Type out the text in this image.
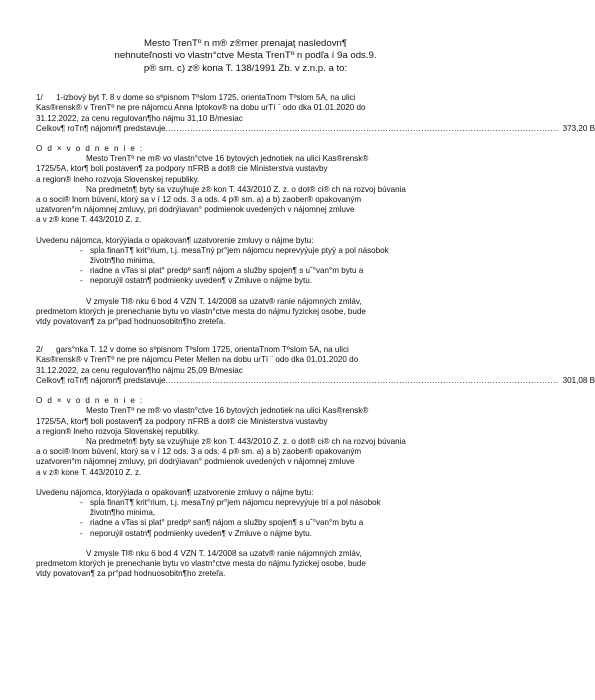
Mesto TrenTº n m® z®mer prenajaţ nasledovn¶

nehnuteľnosti vo vlastn°ctve Mesta TrenTº n podľa í 9a ods.9.

p® sm. c) z® kona T. 138/1991 Zb. v z.n.p. a to:

1/	1-izbový byt T. 8 v dome so sºpisnom Tºslom 1725, orientaTnom Tºslom 5A, na ulici

Kas®rensk® v TrenTº ne pre nájomcu Anna Iptokov® na dobu urTí ¨ odo dka 01.01.2020 do

31.12.2022, za cenu regulovan¶ho nájmu 31,10 B/mesiac

Celkov¶ roTn¶ nájomn¶ predstavuje ............................................................................................................................................... 373,20 B

O d × v o d n e n i e :

Mesto TrenTº ne m® vo vlastn°ctve 16 bytových jednotiek na ulici Kas®rensk®

1725/5A, ktor¶ boli postaven¶ za podpory πFRB a dot® cie Ministerstva vustavby

a region® lneho rozvoja Slovenskej republiky.

Na predmetn¶ byty sa vzuýhuje z® kon T. 443/2010 Z. z. o dot® ci® ch na rozvoj búvania

a o soci® lnom búvení, ktorý sa v í 12 ods. 3 a ods. 4 p® sm. a) a b) zaober® opakovaným

uzatvoren°m nájomnej zmluvy, pri dodrýiavan° podmienok uvedených v nájomnej zmluve

a v z® kone T. 443/2010 Z. z.

Uvedenu nájomca, ktorýýiada o opakovan¶ uzatvorenie zmluvy o nájme bytu:

- spĺa finanT¶ krit°rium, t.j. mesaTný pr°jem nájomcu neprevyýuje ptyý a pol násobok
životn¶ho minima,
- riadne a vTas si plat° predpº san¶ nájom a služby spojen¶ s uˇ°van°m bytu a
- neporuýil ostatn¶ podmienky uveden¶ v Zmluve o nájme bytu.

V zmysle Tl® nku 6 bod 4 VZN T. 14/2008 sa uzatv® ranie nájomných zmláv,

predmetom ktorých je prenechanie bytu vo vlastn°ctve mesta do nájmu fyzickej osobe, bude

vtdy povatovan¶ za pr°pad hodnuosobitn¶ho zreteľa.

2/	gars°nka T. 12 v dome so sºpisnom Tºslom 1725, orientaTnom Tºslom 5A, na ulici

Kas®rensk® v TrenTº ne pre nájomcu Peter Mellen na dobu urTí ¨ odo dka 01.01.2020 do

31.12.2022, za cenu regulovan¶ho nájmu 25,09 B/mesiac

Celkov¶ roTn¶ nájomn¶ predstavuje ............................................................................................................................................... 301,08 B

O d × v o d n e n i e :

Mesto TrenTº ne m® vo vlastn°ctve 16 bytových jednotiek na ulici Kas®rensk®

1725/5A, ktor¶ boli postaven¶ za podpory πFRB a dot® cie Ministerstva vustavby

a region® lneho rozvoja Slovenskej republiky.

Na predmetn¶ byty sa vzuýhuje z® kon T. 443/2010 Z. z. o dot® ci® ch na rozvoj búvania

a o soci® lnom búvení, ktorý sa v í 12 ods. 3 a ods. 4 p® sm. a) a b) zaober® opakovaným

uzatvoren°m nájomnej zmluvy, pri dodrýiavan° podmienok uvedených v nájomnej zmluve

a v z® kone T. 443/2010 Z. z.

Uvedenu nájomca, ktorýýiada o opakovan¶ uzatvorenie zmluvy o nájme bytu:

- spĺa finanT¶ krit°rium, t.j. mesaTný pr°jem nájomcu neprevyýuje tri a pol násobok
životn¶ho minima,
- riadne a vTas si plat° predpº san¶ nájom a služby spojen¶ s uˇ°van°m bytu a
- neporuýil ostatn¶ podmienky uveden¶ v Zmluve o nájme bytu.

V zmysle Tl® nku 6 bod 4 VZN T. 14/2008 sa uzatv® ranie nájomných zmláv,

predmetom ktorých je prenechanie bytu vo vlastn°ctve mesta do nájmu fyzickej osobe, bude

vtdy povatovan¶ za pr°pad hodnuosobitn¶ho zreteľa.
